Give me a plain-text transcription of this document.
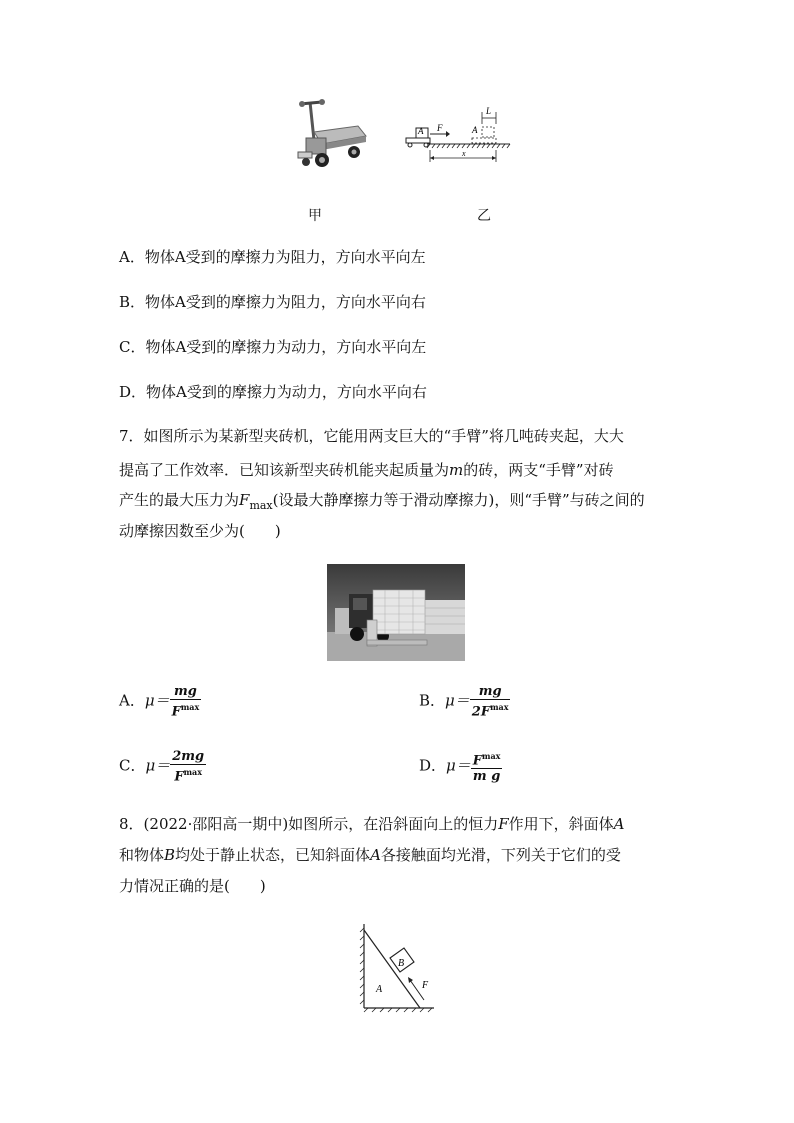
A F
L
A
x
甲	乙
A．物体A受到的摩擦力为阻力，方向水平向左
B．物体A受到的摩擦力为阻力，方向水平向右
C．物体A受到的摩擦力为动力，方向水平向左
D．物体A受到的摩擦力为动力，方向水平向右
7．如图所示为某新型夹砖机，它能用两支巨大的“手臂”将几吨砖夹起，大大
提高了工作效率．已知该新型夹砖机能夹起质量为m的砖，两支“手臂”对砖
产生的最大压力为$F_{max}$(设最大静摩擦力等于滑动摩擦力)，则“手臂”与砖之间的
动摩擦因数至少为(　　)
A．$\mu= \frac{mg}{F^{max}}$	B．$\mu= \frac{mg}{2F^{max}}$
C．$\mu= \frac{2mg}{F^{max}}$	D．$\mu= \frac{F^{max}}{\text{m g}}$
8．(2022·邵阳高一期中)如图所示，在沿斜面向上的恒力F作用下，斜面体A
和物体B均处于静止状态，已知斜面体A各接触面均光滑，下列关于它们的受
力情况正确的是(　　)
B
A	F
